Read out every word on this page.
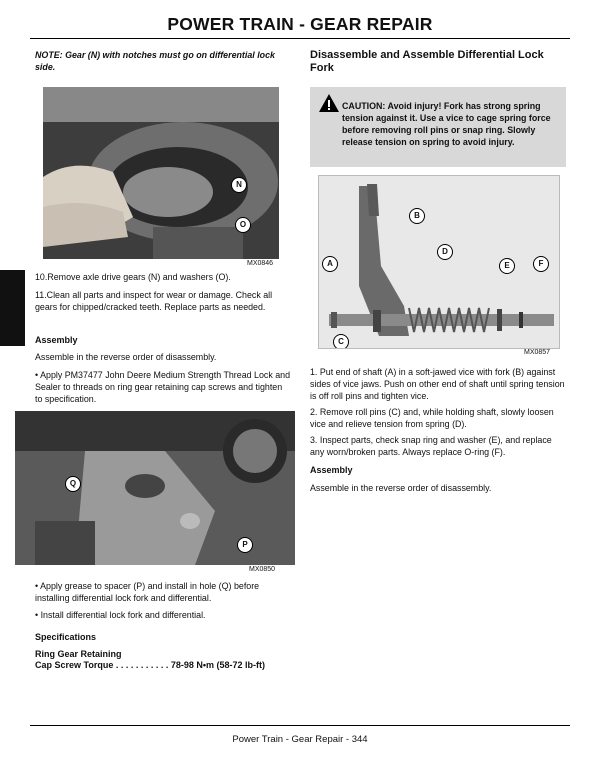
POWER TRAIN - GEAR REPAIR

NOTE: Gear (N) with notches must go on differential lock side.

N
O
MX0846

10.Remove axle drive gears (N) and washers (O).

11.Clean all parts and inspect for wear or damage. Check all gears for chipped/cracked teeth. Replace parts as needed.

Assembly

Assemble in the reverse order of disassembly.

• Apply PM37477 John Deere Medium Strength Thread Lock and Sealer to threads on ring gear retaining cap screws and tighten to specification.

Q
P
MX0850

• Apply grease to spacer (P) and install in hole (Q) before installing differential lock fork and differential.

• Install differential lock fork and differential.

Specifications

Ring Gear Retaining

Cap Screw Torque . . . . . . . . . . . 78-98 N•m (58-72 lb-ft)

Disassemble and Assemble Differential Lock Fork

CAUTION: Avoid injury! Fork has strong spring tension against it. Use a vice to cage spring force before removing roll pins or snap ring. Slowly release tension on spring to avoid injury.
A
B
C
D
E	F
MX0857

1. Put end of shaft (A) in a soft-jawed vice with fork (B) against sides of vice jaws. Push on other end of shaft until spring tension is off roll pins and tighten vice.

2. Remove roll pins (C) and, while holding shaft, slowly loosen vice and relieve tension from spring (D).

3. Inspect parts, check snap ring and washer (E), and replace any worn/broken parts. Always replace O-ring (F).

Assembly

Assemble in the reverse order of disassembly.

Power Train - Gear Repair - 344
